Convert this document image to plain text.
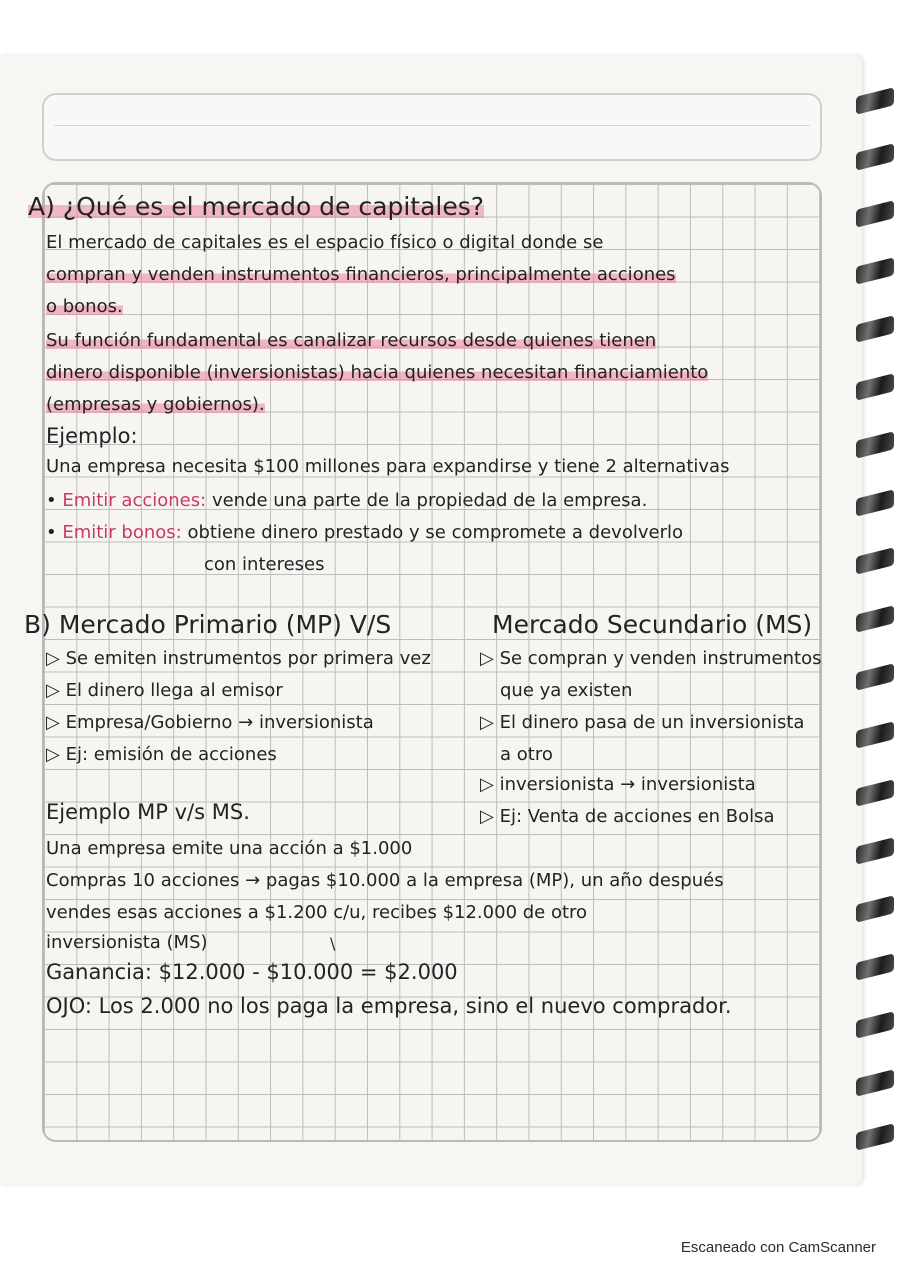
A) ¿Qué es el mercado de capitales?
El mercado de capitales es el espacio físico o digital donde se
compran y venden instrumentos financieros, principalmente acciones
o bonos.
Su función fundamental es canalizar recursos desde quienes tienen
dinero disponible (inversionistas) hacia quienes necesitan financiamiento
(empresas y gobiernos).
Ejemplo:
Una empresa necesita $100 millones para expandirse y tiene 2 alternativas
• Emitir acciones: vende una parte de la propiedad de la empresa.
• Emitir bonos: obtiene dinero prestado y se compromete a devolverlo
con intereses
B) Mercado Primario (MP) V/S	Mercado Secundario (MS)
▷ Se emiten instrumentos por primera vez
▷ El dinero llega al emisor
▷ Empresa/Gobierno → inversionista
▷ Ej: emisión de acciones
▷ Se compran y venden instrumentos
que ya existen
▷ El dinero pasa de un inversionista
a otro
▷ inversionista → inversionista
▷ Ej: Venta de acciones en Bolsa
Ejemplo MP v/s MS.
Una empresa emite una acción a $1.000
Compras 10 acciones → pagas $10.000 a la empresa (MP), un año después
vendes esas acciones a $1.200 c/u, recibes $12.000 de otro
inversionista (MS)	\
Ganancia: $12.000 - $10.000 = $2.000
OJO: Los 2.000 no los paga la empresa, sino el nuevo comprador.
Escaneado con CamScanner
